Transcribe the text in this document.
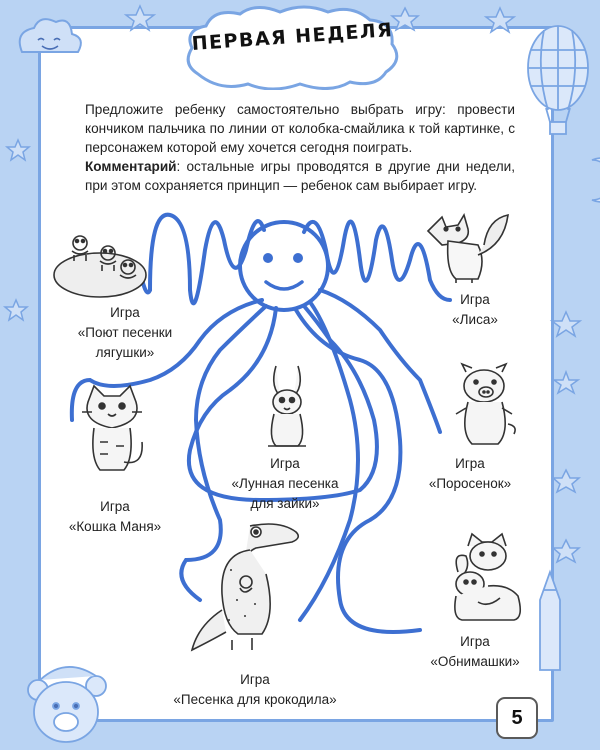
ПЕРВАЯ НЕДЕЛЯ

Предложите ребенку самостоятельно выбрать игру: провести кончиком пальчика по линии от колобка-смайлика к той картинке, с персонажем которой ему хочется сегодня поиграть.

Комментарий: остальные игры проводятся в другие дни недели, при этом сохраняется принцип — ребенок сам выбирает игру.

Игра
«Поют песенки
лягушки»
Игра
«Лиса»
Игра
«Кошка Маня»
Игра
«Лунная песенка
для зайки»
Игра
«Поросенок»
Игра
«Обнимашки»
Игра
«Песенка для крокодила»
5
